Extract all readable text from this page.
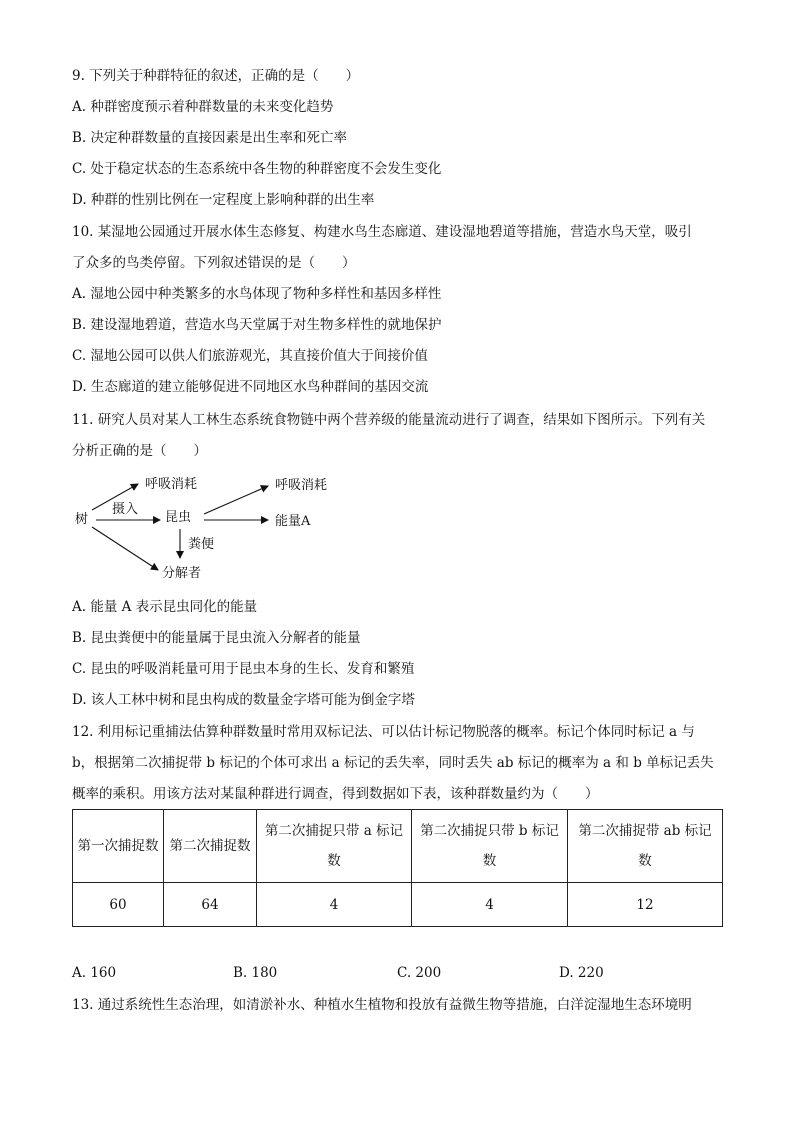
9. 下列关于种群特征的叙述，正确的是（　　）
A. 种群密度预示着种群数量的未来变化趋势
B. 决定种群数量的直接因素是出生率和死亡率
C. 处于稳定状态的生态系统中各生物的种群密度不会发生变化
D. 种群的性别比例在一定程度上影响种群的出生率
10. 某湿地公园通过开展水体生态修复、构建水鸟生态廊道、建设湿地碧道等措施，营造水鸟天堂，吸引
了众多的鸟类停留。下列叙述错误的是（　　）
A. 湿地公园中种类繁多的水鸟体现了物种多样性和基因多样性
B. 建设湿地碧道，营造水鸟天堂属于对生物多样性的就地保护
C. 湿地公园可以供人们旅游观光，其直接价值大于间接价值
D. 生态廊道的建立能够促进不同地区水鸟种群间的基因交流
11. 研究人员对某人工林生态系统食物链中两个营养级的能量流动进行了调查，结果如下图所示。下列有关
分析正确的是（　　）
树
呼吸消耗
摄入
昆虫
呼吸消耗
能量A
粪便
分解者
A. 能量 A 表示昆虫同化的能量
B. 昆虫粪便中的能量属于昆虫流入分解者的能量
C. 昆虫的呼吸消耗量可用于昆虫本身的生长、发育和繁殖
D. 该人工林中树和昆虫构成的数量金字塔可能为倒金字塔
12. 利用标记重捕法估算种群数量时常用双标记法、可以估计标记物脱落的概率。标记个体同时标记 a 与
b，根据第二次捕捉带 b 标记的个体可求出 a 标记的丢失率，同时丢失 ab 标记的概率为 a 和 b 单标记丢失
概率的乘积。用该方法对某鼠种群进行调查，得到数据如下表，该种群数量约为（　　）
第一次捕捉数	第二次捕捉数	第二次捕捉只带 a 标记数	第二次捕捉只带 b 标记数	第二次捕捉带 ab 标记数
60	64	4	4	12
A. 160	B. 180	C. 200	D. 220
13. 通过系统性生态治理，如清淤补水、种植水生植物和投放有益微生物等措施，白洋淀湿地生态环境明
